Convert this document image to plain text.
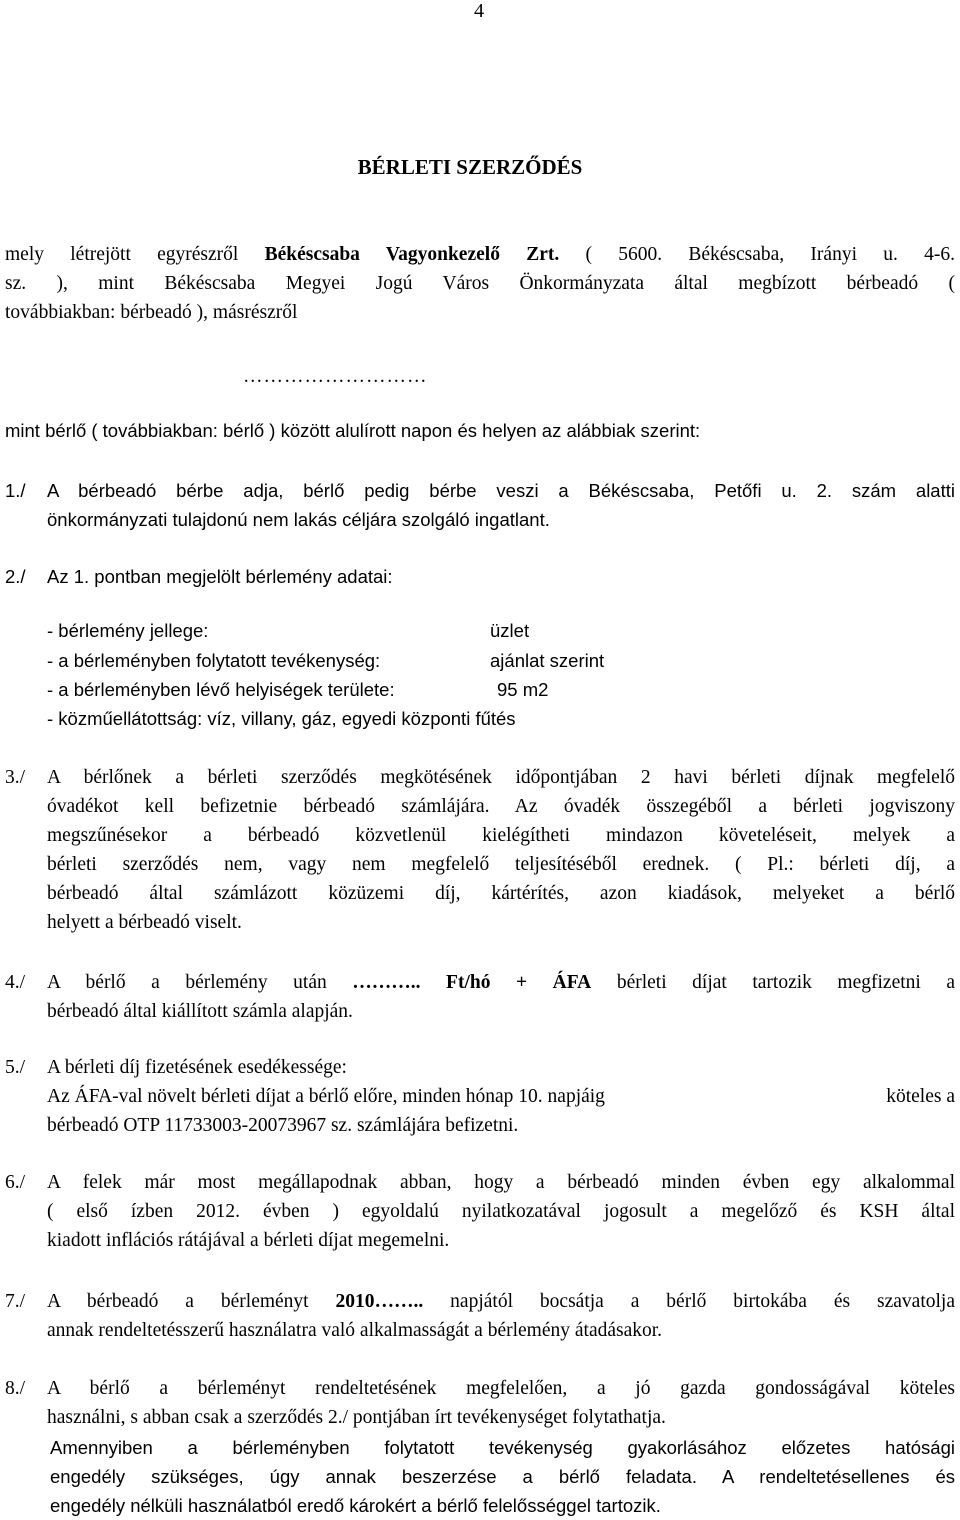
4
BÉRLETI SZERZŐDÉS
mely létrejött egyrészről Békéscsaba Vagyonkezelő Zrt. ( 5600. Békéscsaba, Irányi u. 4-6.
sz. ), mint Békéscsaba Megyei Jogú Város Önkormányzata által megbízott bérbeadó (
továbbiakban: bérbeadó ), másrészről
………………………
mint bérlő ( továbbiakban: bérlő ) között alulírott napon és helyen az alábbiak szerint:
1./	A bérbeadó bérbe adja, bérlő pedig bérbe veszi a Békéscsaba, Petőfi u. 2. szám alatti
önkormányzati tulajdonú nem lakás céljára szolgáló ingatlant.
2./ Az 1. pontban megjelölt bérlemény adatai:
- bérlemény jellege:	üzlet
- a bérleményben folytatott tevékenység:	ajánlat szerint
- a bérleményben lévő helyiségek területe:	95 m2
- közműellátottság: víz, villany, gáz, egyedi központi fűtés
3./	A bérlőnek a bérleti szerződés megkötésének időpontjában 2 havi bérleti díjnak megfelelő
óvadékot kell befizetnie bérbeadó számlájára. Az óvadék összegéből a bérleti jogviszony
megszűnésekor a bérbeadó közvetlenül kielégítheti mindazon követeléseit, melyek a
bérleti szerződés nem, vagy nem megfelelő teljesítéséből erednek. ( Pl.: bérleti díj, a
bérbeadó által számlázott közüzemi díj, kártérítés, azon kiadások, melyeket a bérlő
helyett a bérbeadó viselt.
4./	A bérlő a bérlemény után ……….. Ft/hó + ÁFA bérleti díjat tartozik megfizetni a
bérbeadó által kiállított számla alapján.
5./ A bérleti díj fizetésének esedékessége:
Az ÁFA-val növelt bérleti díjat a bérlő előre, minden hónap 10. napjáig	köteles a
bérbeadó OTP 11733003-20073967 sz. számlájára befizetni.
6./	A felek már most megállapodnak abban, hogy a bérbeadó minden évben egy alkalommal
( első ízben 2012. évben ) egyoldalú nyilatkozatával jogosult a megelőző és KSH által
kiadott inflációs rátájával a bérleti díjat megemelni.
7./	A bérbeadó a bérleményt 2010…….. napjától bocsátja a bérlő birtokába és szavatolja
annak rendeltetésszerű használatra való alkalmasságát a bérlemény átadásakor.
8./	A bérlő a bérleményt rendeltetésének megfelelően, a jó gazda gondosságával köteles
használni, s abban csak a szerződés 2./ pontjában írt tevékenységet folytathatja.
Amennyiben a bérleményben folytatott tevékenység gyakorlásához előzetes hatósági
engedély szükséges, úgy annak beszerzése a bérlő feladata. A rendeltetésellenes és
engedély nélküli használatból eredő károkért a bérlő felelősséggel tartozik.
